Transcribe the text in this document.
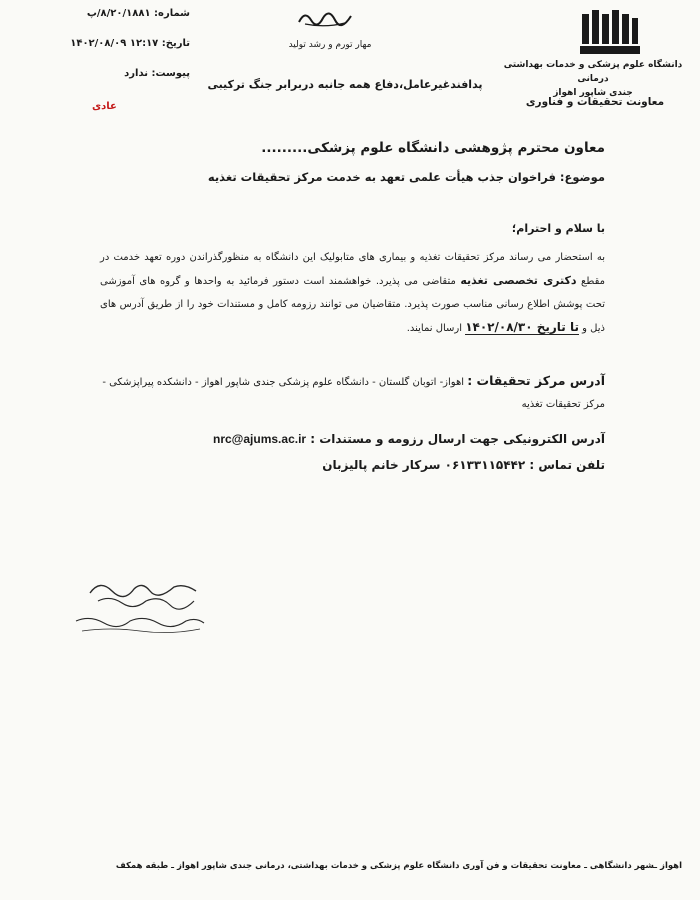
دانشگاه علوم پزشکی و خدمات بهداشتی درمانی
جندی شاپور اهواز
معاونت تحقیقات و فناوری
مهار تورم و رشد تولید
پدافندغیرعامل،دفاع همه جانبه دربرابر جنگ ترکیبی
شماره: ۸/۲۰/۱۸۸۱/پ
تاریخ: ۱۲:۱۷ ۱۴۰۲/۰۸/۰۹
پیوست: ندارد
عادی
معاون محترم پژوهشی دانشگاه علوم پزشکی.........
موضوع: فراخوان جذب هیأت علمی تعهد به خدمت مرکز تحقیقات تغذیه
با سلام و احترام؛
به استحضار می رساند مرکز تحقیقات تغذیه و بیماری های متابولیک این دانشگاه به منظورگذراندن دوره تعهد خدمت در مقطع دکتری تخصصی تغذیه متقاضی می پذیرد. خواهشمند است دستور فرمائید به واحدها و گروه های آموزشی تحت پوشش اطلاع رسانی مناسب صورت پذیرد. متقاضیان می توانند رزومه کامل و مستندات خود را از طریق آدرس های ذیل و تا تاریخ ۱۴۰۲/۰۸/۳۰ ارسال نمایند.
آدرس مرکز تحقیقات : اهواز- اتوبان گلستان - دانشگاه علوم پزشکی جندی شاپور اهواز - دانشکده پیراپزشکی - مرکز تحقیقات تغذیه
آدرس الکترونیکی جهت ارسال رزومه و مستندات : nrc@ajums.ac.ir
تلفن تماس : ۰۶۱۳۳۱۱۵۴۴۲ سرکار خانم پالیزبان
اهواز ـشهر دانشگاهی ـ معاونت تحقیقات و فن آوری دانشگاه علوم پزشکی و خدمات بهداشتی، درمانی جندی شاپور اهواز ـ طبقه همکف
